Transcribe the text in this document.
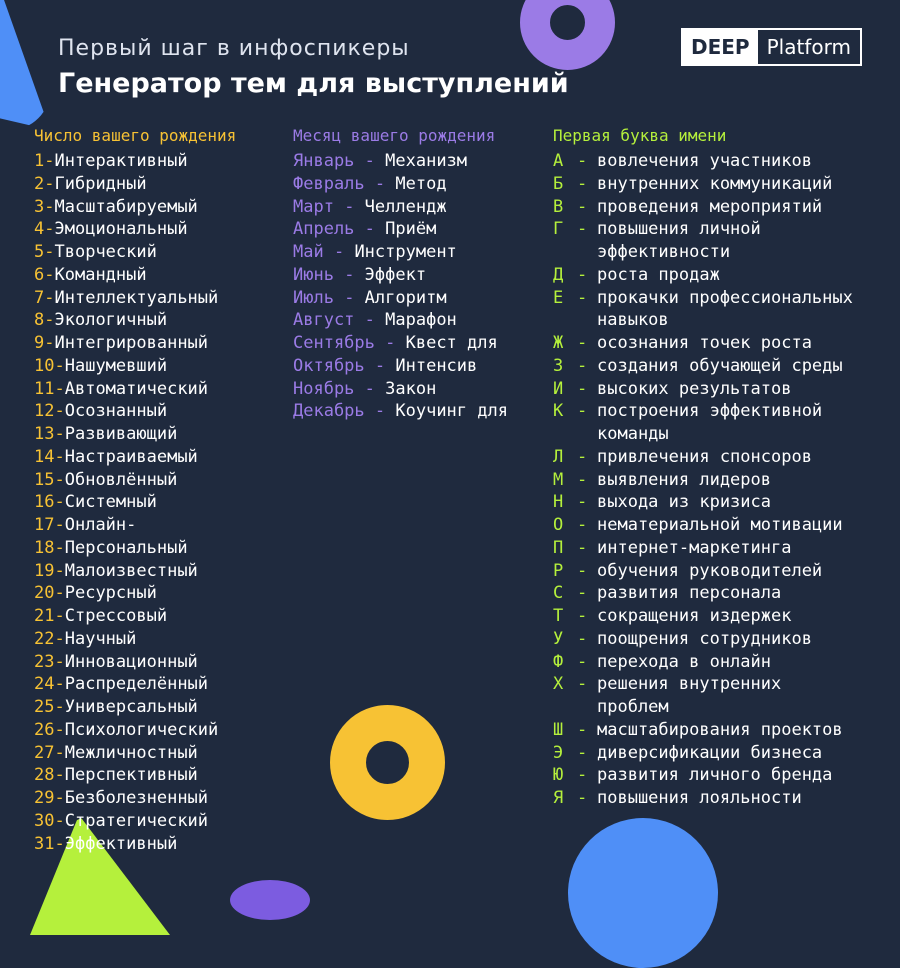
Первый шаг в инфоспикеры
Генератор тем для выступлений
DEEP Platform
Число вашего рождения
1-Интерактивный
2-Гибридный
3-Масштабируемый
4-Эмоциональный
5-Творческий
6-Командный
7-Интеллектуальный
8-Экологичный
9-Интегрированный
10-Нашумевший
11-Автоматический
12-Осознанный
13-Развивающий
14-Настраиваемый
15-Обновлённый
16-Системный
17-Онлайн-
18-Персональный
19-Малоизвестный
20-Ресурсный
21-Стрессовый
22-Научный
23-Инновационный
24-Распределённый
25-Универсальный
26-Психологический
27-Межличностный
28-Перспективный
29-Безболезненный
30-Стратегический
31-Эффективный
Месяц вашего рождения
Январь - Механизм
Февраль - Метод
Март - Челлендж
Апрель - Приём
Май - Инструмент
Июнь - Эффект
Июль - Алгоритм
Август - Марафон
Сентябрь - Квест для
Октябрь - Интенсив
Ноябрь - Закон
Декабрь - Коучинг для
Первая буква имени
А - вовлечения участников
Б - внутренних коммуникаций
В - проведения мероприятий
Г - повышения личной эффективности
Д - роста продаж
Е - прокачки профессиональных навыков
Ж - осознания точек роста
З - создания обучающей среды
И - высоких результатов
К - построения эффективной команды
Л - привлечения спонсоров
М - выявления лидеров
Н - выхода из кризиса
О - нематериальной мотивации
П - интернет-маркетинга
Р - обучения руководителей
С - развития персонала
Т - сокращения издержек
У - поощрения сотрудников
Ф - перехода в онлайн
Х - решения внутренних проблем
Ш - масштабирования проектов
Э - диверсификации бизнеса
Ю - развития личного бренда
Я - повышения лояльности
